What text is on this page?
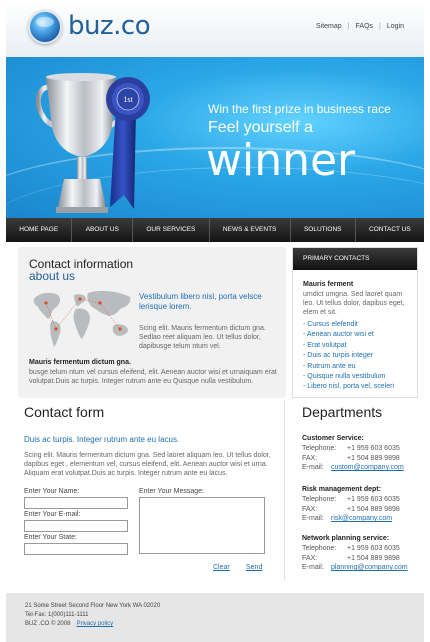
buz.co	Sitemap | FAQs | Login
1st
Win the first prize in business race
Feel yourself a
winner
HOME PAGE	ABOUT US	OUR SERVICES	NEWS & EVENTS	SOLUTIONS	CONTACT US
Contact information
about us
Vestibulum libero nisl, porta velsce lerisque lorem.
Scing elit. Mauris fermentum dictum gna. Sedlao reet aliquam leo. Ut tellus dolor, dapibusge telum ntum vel.
Mauris fermentum dictum gna.
busge telum ntum vel cursus eleifend, elit. Aenean auctor wisi et urnaiquam erat volutpat.Duis ac turpis. Integer rutrum ante eu Quisque nulla vestibulum.
PRIMARY CONTACTS
Mauris ferment
umdict umgna. Sed laoret quam leo. Ut tellus dolor, dapibus eget, elem et sit.
- Cursus elefendit
- Aenean auctor wisi et
- Erat volutpat
- Duis ac turpis integer
- Rutrum ante eu
- Quisque nulla vestibulum
- Libero nisl, porta vel, sceleri
Contact form
Duis ac turpis. Integer rutrum ante eu lacus.
Scing elit. Mauris fermentum dictum gna. Sed laoret aliquam leo. Ut tellus dolor, dapibus eget , elementum vel, cursus eleifend, elit. Aenean auctor wisi et urna. Aliquam erat volutpat.Duis ac turpis. Integer rutrum ante eu lacus.
Enter Your Name:
Enter Your E-mail:
Enter Your State:
Enter Your Message:
Clear Send
Departments
Customer Service:
Telephone: +1 959 603 6035
FAX:	+1 504 889 9898
E-mail:	custom@company.com
Risk management dept:
Telephone: +1 959 603 6035
FAX:	+1 504 889 9898
E-mail:	risk@company.com
Network planning service:
Telephone: +1 959 603 6035
FAX:	+1 504 889 9898
E-mail:	planning@company.com
21 Some Street Second Floor New York WA 02020
Tel-Fax: 1(000)111-1111
BUZ .CO © 2008 Privacy policy
